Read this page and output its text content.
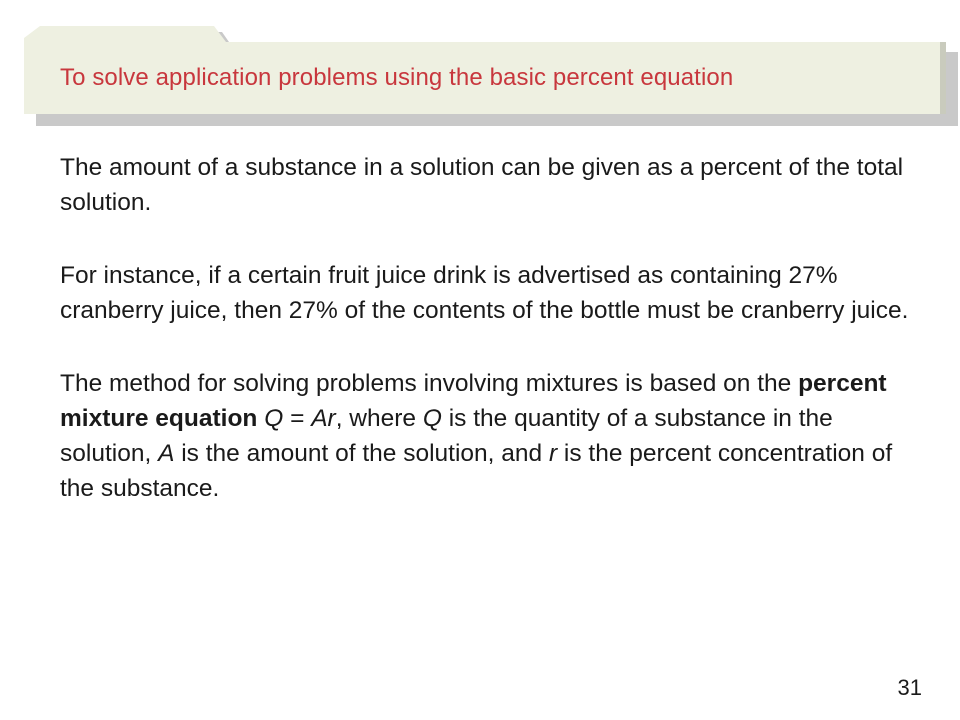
To solve application problems using the basic percent equation

The amount of a substance in a solution can be given as a percent of the total solution.

For instance, if a certain fruit juice drink is advertised as containing 27% cranberry juice, then 27% of the contents of the bottle must be cranberry juice.

The method for solving problems involving mixtures is based on the percent mixture equation Q = Ar, where Q is the quantity of a substance in the solution, A is the amount of the solution, and r is the percent concentration of the substance.

31
